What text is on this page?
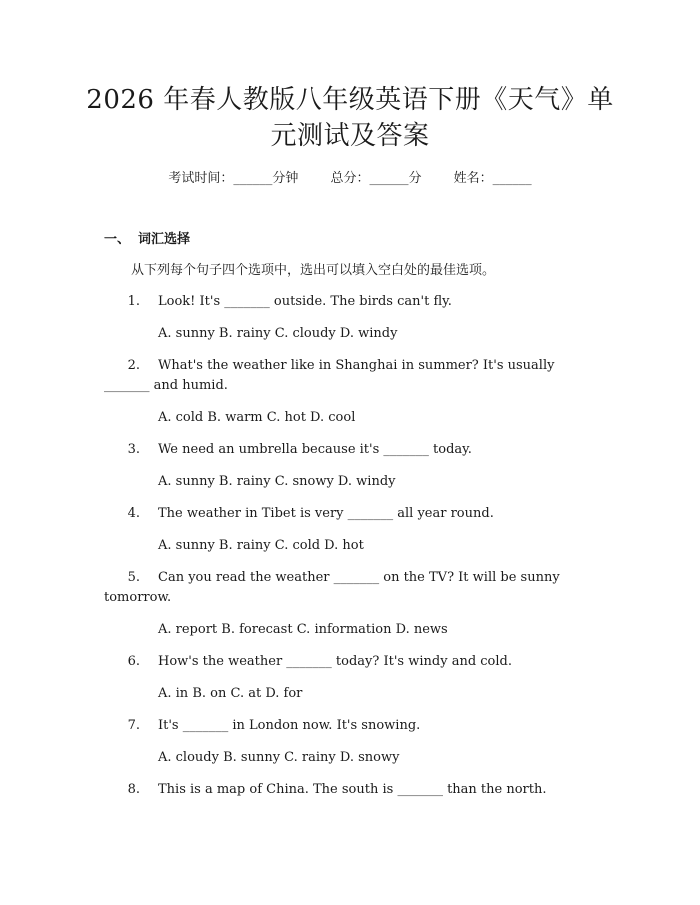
2026 年春人教版八年级英语下册《天气》单
元测试及答案
考试时间：______分钟 总分：______分 姓名：______
一、 词汇选择
从下列每个句子四个选项中，选出可以填入空白处的最佳选项。
1. Look! It's _______ outside. The birds can't fly.
A. sunny B. rainy C. cloudy D. windy
2. What's the weather like in Shanghai in summer? It's usually
_______ and humid.
A. cold B. warm C. hot D. cool
3. We need an umbrella because it's _______ today.
A. sunny B. rainy C. snowy D. windy
4. The weather in Tibet is very _______ all year round.
A. sunny B. rainy C. cold D. hot
5. Can you read the weather _______ on the TV? It will be sunny
tomorrow.
A. report B. forecast C. information D. news
6. How's the weather _______ today? It's windy and cold.
A. in B. on C. at D. for
7. It's _______ in London now. It's snowing.
A. cloudy B. sunny C. rainy D. snowy
8. This is a map of China. The south is _______ than the north.
